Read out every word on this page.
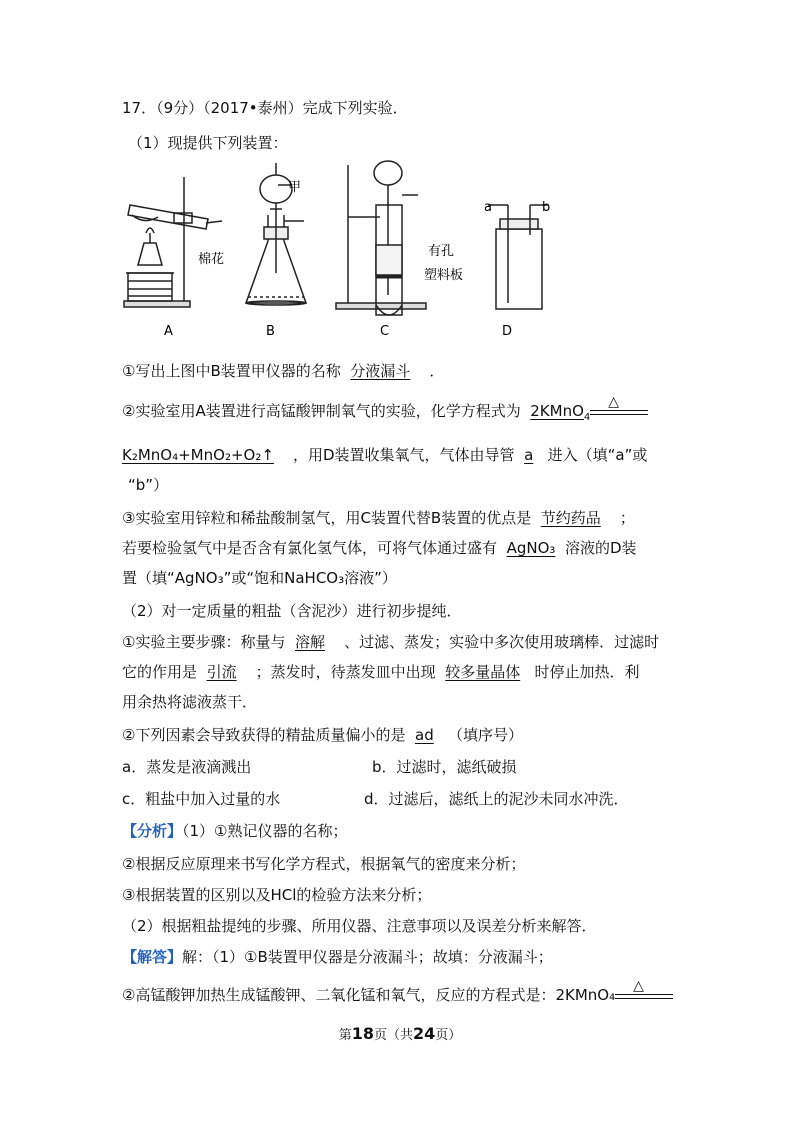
17．（9分）（2017•泰州）完成下列实验．
（1）现提供下列装置：
甲
棉花
有孔
塑料板
a	b
A	B	C	D
①写出上图中B装置甲仪器的名称 分液漏斗 ．
②实验室用A装置进行高锰酸钾制氧气的实验，化学方程式为 2KMnO$_4$
△
K₂MnO₄+MnO₂+O₂↑ ，用D装置收集氧气，气体由导管 a 进入（填“a”或
“b”）
③实验室用锌粒和稀盐酸制氢气，用C装置代替B装置的优点是 节约药品 ；
若要检验氢气中是否含有氯化氢气体，可将气体通过盛有 AgNO₃ 溶液的D装
置（填“AgNO₃”或“饱和NaHCO₃溶液”）
（2）对一定质量的粗盐（含泥沙）进行初步提纯．
①实验主要步骤：称量与 溶解 、过滤、蒸发；实验中多次使用玻璃棒．过滤时
它的作用是 引流 ；蒸发时，待蒸发皿中出现 较多量晶体 时停止加热．利
用余热将滤液蒸干．
②下列因素会导致获得的精盐质量偏小的是 ad （填序号）
a．蒸发是液滴溅出	b．过滤时，滤纸破损
c．粗盐中加入过量的水	d．过滤后，滤纸上的泥沙未同水冲洗．
【分析】（1）①熟记仪器的名称；
②根据反应原理来书写化学方程式，根据氧气的密度来分析；
③根据装置的区别以及HCl的检验方法来分析；
（2）根据粗盐提纯的步骤、所用仪器、注意事项以及误差分析来解答．
【解答】解：（1）①B装置甲仪器是分液漏斗；故填：分液漏斗；
②高锰酸钾加热生成锰酸钾、二氧化锰和氧气，反应的方程式是：2KMnO₄
△
第18页（共24页）
